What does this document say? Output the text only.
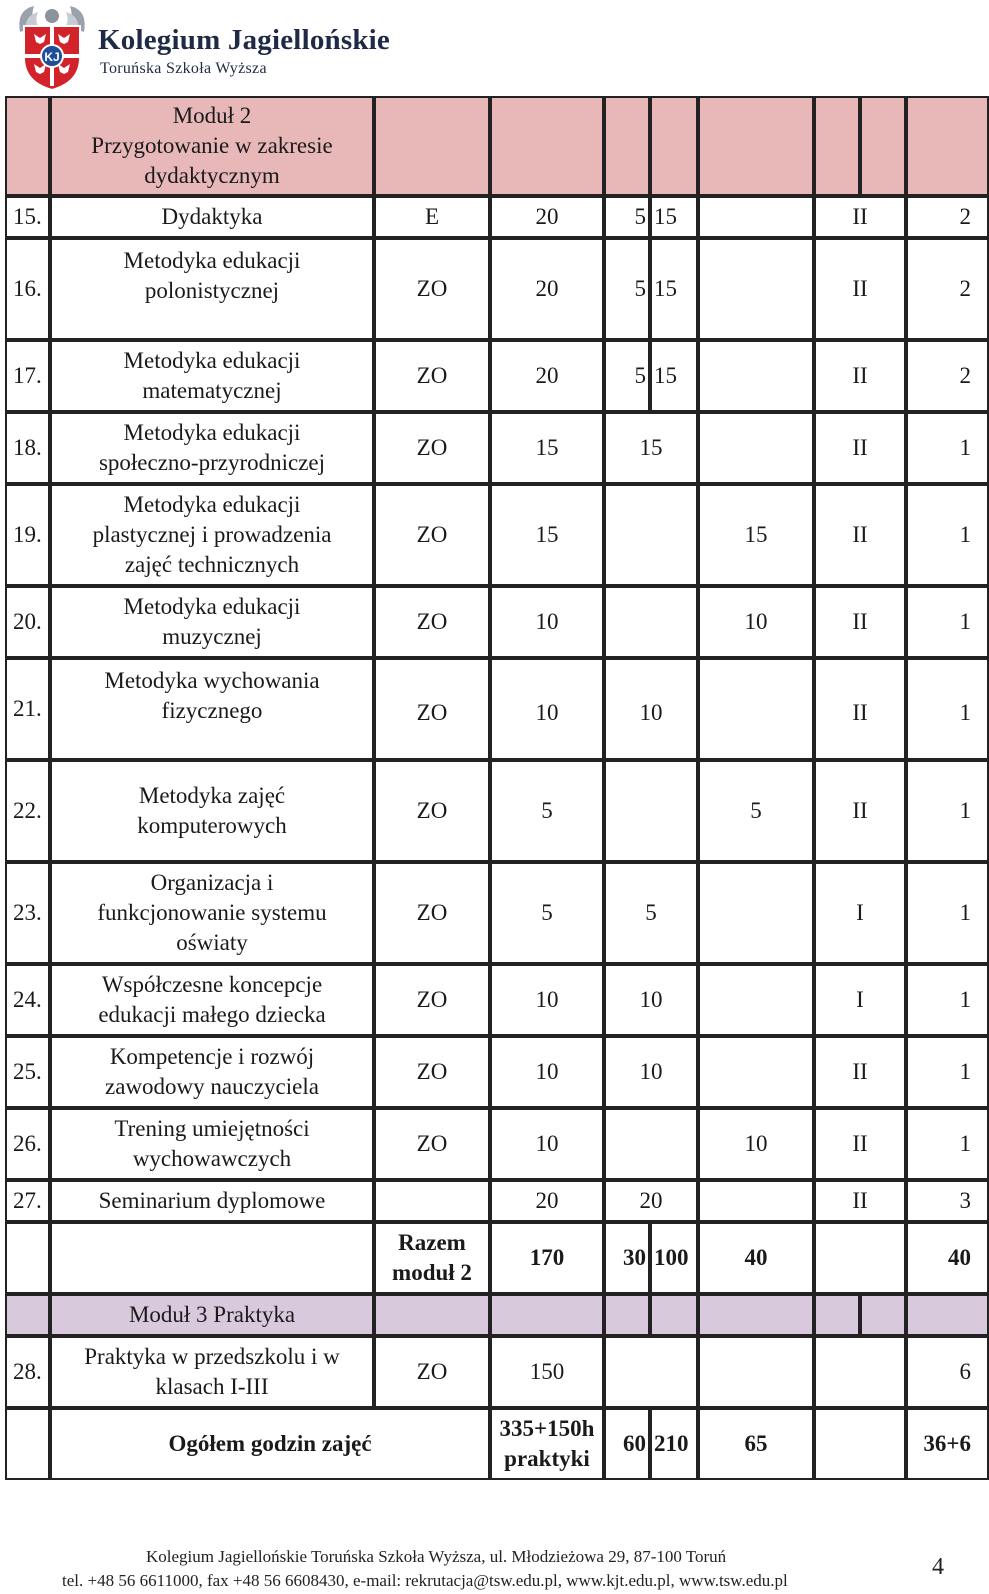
KJ
Kolegium Jagiellońskie
Toruńska Szkoła Wyższa

	Moduł 2
Przygotowanie w zakresie
dydaktycznym								

15.	Dydaktyka	E	20	5	15		II		2
16.	Metodyka edukacji
polonistycznej	ZO	20	5	15		II		2
17.	Metodyka edukacji
matematycznej	ZO	20	5	15		II		2
18.	Metodyka edukacji
społeczno-przyrodniczej	ZO	15	15			II		1
19.	Metodyka edukacji
plastycznej i prowadzenia
zajęć technicznych	ZO	15			15	II		1
20.	Metodyka edukacji
muzycznej	ZO	10			10	II		1
21.	Metodyka wychowania
fizycznego	ZO	10	10			II		1
22.	Metodyka zajęć
komputerowych	ZO	5			5	II		1
23.	Organizacja i
funkcjonowanie systemu
oświaty	ZO	5	5			I		1
24.	Współczesne koncepcje
edukacji małego dziecka	ZO	10	10			I		1
25.	Kompetencje i rozwój
zawodowy nauczyciela	ZO	10	10			II		1
26.	Trening umiejętności
wychowawczych	ZO	10			10	II		1
27.	Seminarium dyplomowe		20	20			II		3

		Razem
moduł 2	170	30	100	40			40
	Moduł 3 Praktyka								
28.	Praktyka w przedszkolu i w
klasach I-III	ZO	150						6
	Ogółem godzin zajęć		335+150h
praktyki	60	210	65			36+6
Kolegium Jagiellońskie Toruńska Szkoła Wyższa, ul. Młodzieżowa 29, 87-100 Toruń
tel. +48 56 6611000, fax +48 56 6608430, e-mail: rekrutacja@tsw.edu.pl, www.kjt.edu.pl, www.tsw.edu.pl
4
